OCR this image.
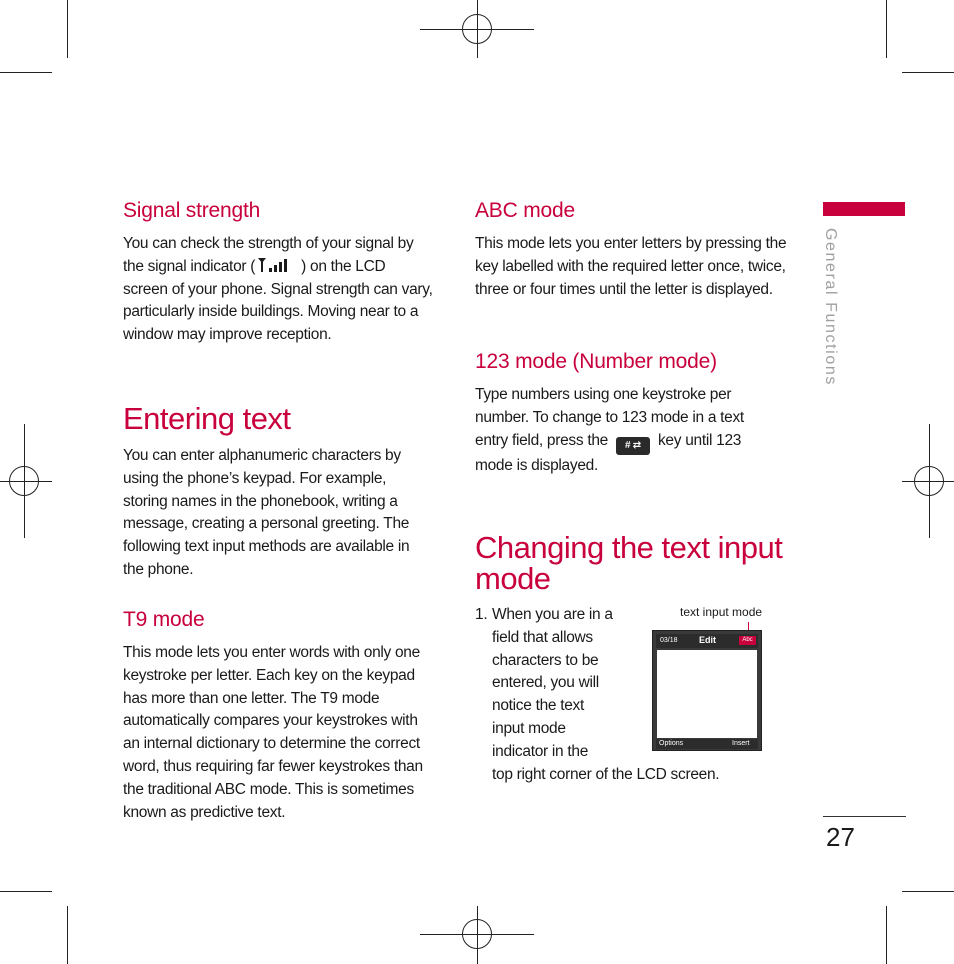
Signal strength
You can check the strength of your signal by the signal indicator (	) on the LCD screen of your phone. Signal strength can vary, particularly inside buildings. Moving near to a window may improve reception.
Entering text

You can enter alphanumeric characters by using the phone’s keypad. For example, storing names in the phonebook, writing a message, creating a personal greeting. The following text input methods are available in the phone.

T9 mode

This mode lets you enter words with only one keystroke per letter. Each key on the keypad has more than one letter. The T9 mode automatically compares your keystrokes with an internal dictionary to determine the correct word, thus requiring far fewer keystrokes than the traditional ABC mode. This is sometimes known as predictive text.

ABC mode

This mode lets you enter letters by pressing the key labelled with the required letter once, twice, three or four times until the letter is displayed.

123 mode (Number mode)
Type numbers using one keystroke per number. To change to 123 mode in a text entry field, press the # ⇄ key until 123 mode is displayed.
Changing the text input mode
1. When you are in a
field that allows
characters to be
entered, you will
notice the text
input mode
indicator in the
top right corner of the LCD screen.
text input mode
03/18 Edit	Abc
Options	Insert
General Functions
27
